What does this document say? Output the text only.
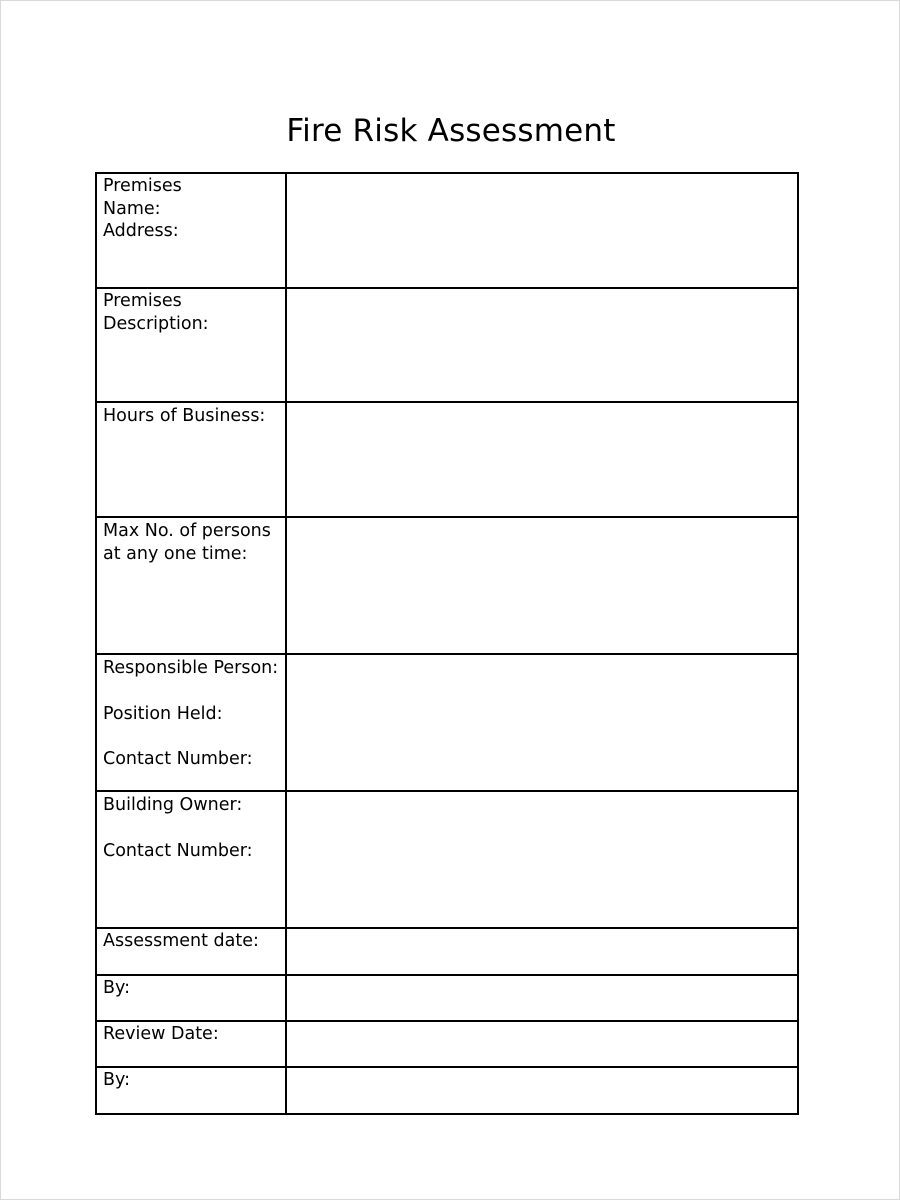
Fire Risk Assessment
Premises
Name:
Address:	

Premises
Description:	

Hours of Business:	

Max No. of persons
at any one time:	

Responsible Person:
Position Held:
Contact Number:	

Building Owner:
Contact Number:	

Assessment date:	

By:	

Review Date:	

By:	
